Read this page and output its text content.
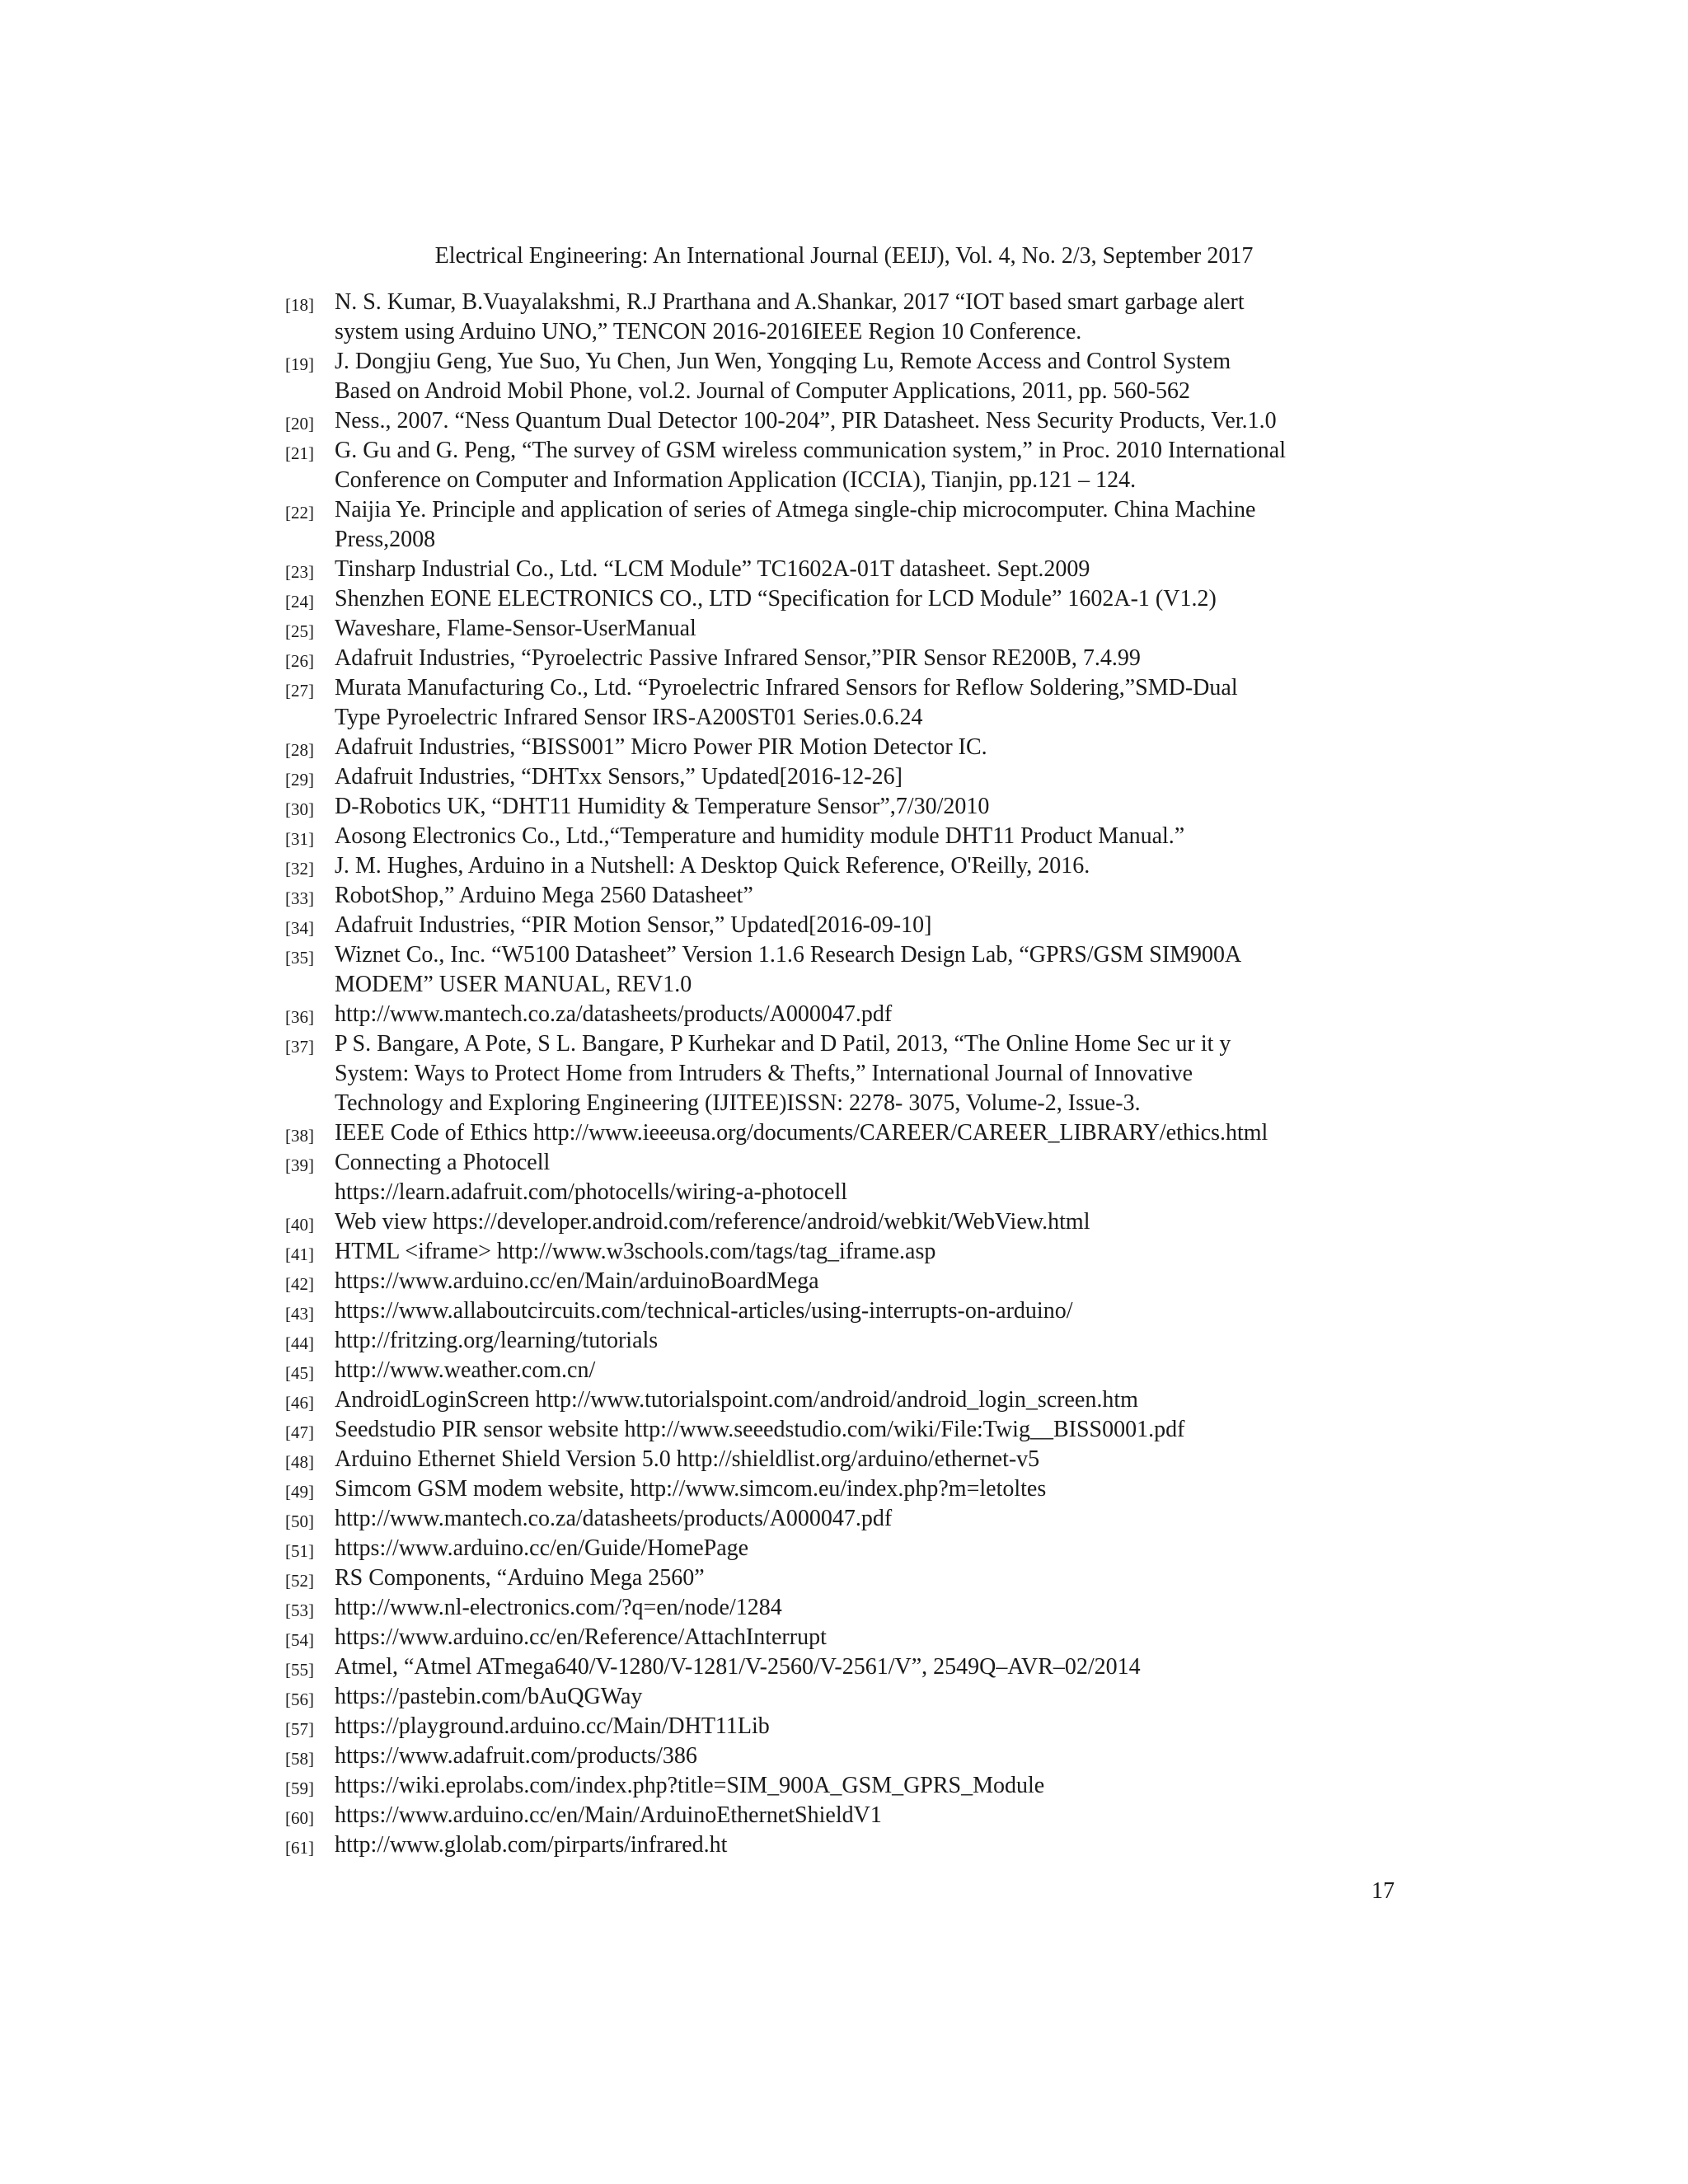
Electrical Engineering: An International Journal (EEIJ), Vol. 4, No. 2/3, September 2017
[18] N. S. Kumar, B.Vuayalakshmi, R.J Prarthana and A.Shankar, 2017 “IOT based smart garbage alert
system using Arduino UNO,” TENCON 2016-2016IEEE Region 10 Conference.
[19] J. Dongjiu Geng, Yue Suo, Yu Chen, Jun Wen, Yongqing Lu, Remote Access and Control System
Based on Android Mobil Phone, vol.2. Journal of Computer Applications, 2011, pp. 560-562
[20] Ness., 2007. “Ness Quantum Dual Detector 100-204”, PIR Datasheet. Ness Security Products, Ver.1.0
[21] G. Gu and G. Peng, “The survey of GSM wireless communication system,” in Proc. 2010 International
Conference on Computer and Information Application (ICCIA), Tianjin, pp.121 – 124.
[22] Naijia Ye. Principle and application of series of Atmega single-chip microcomputer. China Machine
Press,2008
[23] Tinsharp Industrial Co., Ltd. “LCM Module” TC1602A-01T datasheet. Sept.2009
[24] Shenzhen EONE ELECTRONICS CO., LTD “Specification for LCD Module” 1602A-1 (V1.2)
[25] Waveshare, Flame-Sensor-UserManual
[26] Adafruit Industries, “Pyroelectric Passive Infrared Sensor,”PIR Sensor RE200B, 7.4.99
[27] Murata Manufacturing Co., Ltd. “Pyroelectric Infrared Sensors for Reflow Soldering,”SMD-Dual
Type Pyroelectric Infrared Sensor IRS-A200ST01 Series.0.6.24
[28] Adafruit Industries, “BISS001” Micro Power PIR Motion Detector IC.
[29] Adafruit Industries, “DHTxx Sensors,” Updated[2016-12-26]
[30] D-Robotics UK, “DHT11 Humidity & Temperature Sensor”,7/30/2010
[31] Aosong Electronics Co., Ltd.,“Temperature and humidity module DHT11 Product Manual.”
[32] J. M. Hughes, Arduino in a Nutshell: A Desktop Quick Reference, O'Reilly, 2016.
[33] RobotShop,” Arduino Mega 2560 Datasheet”
[34] Adafruit Industries, “PIR Motion Sensor,” Updated[2016-09-10]
[35] Wiznet Co., Inc. “W5100 Datasheet” Version 1.1.6 Research Design Lab, “GPRS/GSM SIM900A
MODEM” USER MANUAL, REV1.0
[36] http://www.mantech.co.za/datasheets/products/A000047.pdf
[37] P S. Bangare, A Pote, S L. Bangare, P Kurhekar and D Patil, 2013, “The Online Home Sec ur it y
System: Ways to Protect Home from Intruders & Thefts,” International Journal of Innovative
Technology and Exploring Engineering (IJITEE)ISSN: 2278- 3075, Volume-2, Issue-3.
[38] IEEE Code of Ethics http://www.ieeeusa.org/documents/CAREER/CAREER_LIBRARY/ethics.html
[39] Connecting a Photocell
https://learn.adafruit.com/photocells/wiring-a-photocell
[40] Web view https://developer.android.com/reference/android/webkit/WebView.html
[41] HTML <iframe> http://www.w3schools.com/tags/tag_iframe.asp
[42] https://www.arduino.cc/en/Main/arduinoBoardMega
[43] https://www.allaboutcircuits.com/technical-articles/using-interrupts-on-arduino/
[44] http://fritzing.org/learning/tutorials
[45] http://www.weather.com.cn/
[46] AndroidLoginScreen http://www.tutorialspoint.com/android/android_login_screen.htm
[47] Seedstudio PIR sensor website http://www.seeedstudio.com/wiki/File:Twig__BISS0001.pdf
[48] Arduino Ethernet Shield Version 5.0 http://shieldlist.org/arduino/ethernet-v5
[49] Simcom GSM modem website, http://www.simcom.eu/index.php?m=letoltes
[50] http://www.mantech.co.za/datasheets/products/A000047.pdf
[51] https://www.arduino.cc/en/Guide/HomePage
[52] RS Components, “Arduino Mega 2560”
[53] http://www.nl-electronics.com/?q=en/node/1284
[54] https://www.arduino.cc/en/Reference/AttachInterrupt
[55] Atmel, “Atmel ATmega640/V-1280/V-1281/V-2560/V-2561/V”, 2549Q–AVR–02/2014
[56] https://pastebin.com/bAuQGWay
[57] https://playground.arduino.cc/Main/DHT11Lib
[58] https://www.adafruit.com/products/386
[59] https://wiki.eprolabs.com/index.php?title=SIM_900A_GSM_GPRS_Module
[60] https://www.arduino.cc/en/Main/ArduinoEthernetShieldV1
[61] http://www.glolab.com/pirparts/infrared.ht
17
